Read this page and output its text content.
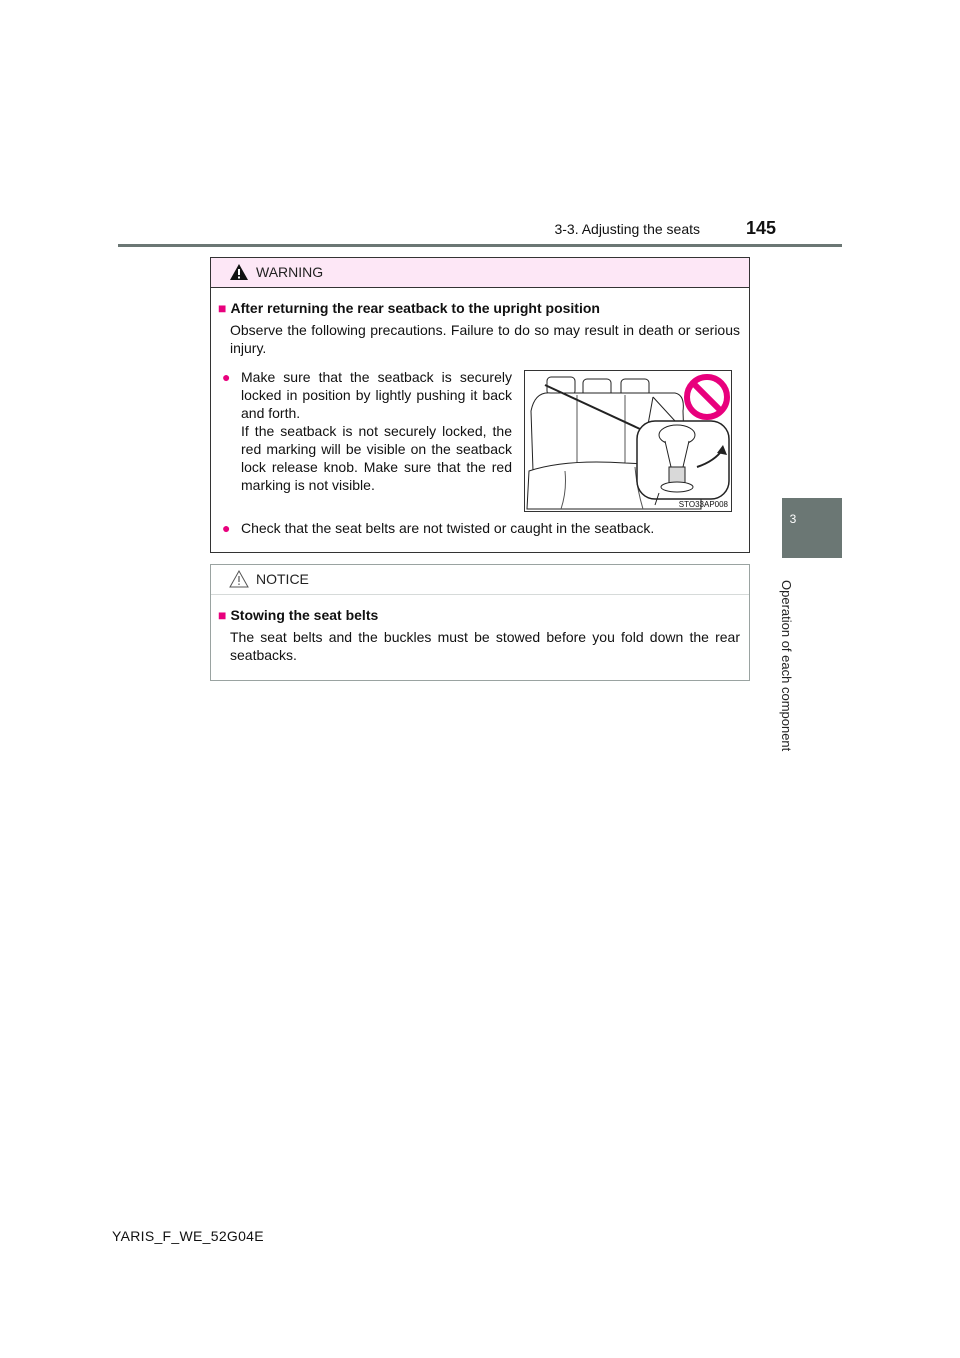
3-3. Adjusting the seats	145
3
Operation of each component
WARNING
■ After returning the rear seatback to the upright position
Observe the following precautions. Failure to do so may result in death or serious injury.
● Make sure that the seatback is securely locked in position by lightly pushing it back and forth.
If the seatback is not securely locked, the red marking will be visible on the seatback lock release knob. Make sure that the red marking is not visible.
STO33AP008
● Check that the seat belts are not twisted or caught in the seatback.
NOTICE
■ Stowing the seat belts
The seat belts and the buckles must be stowed before you fold down the rear seatbacks.
YARIS_F_WE_52G04E
